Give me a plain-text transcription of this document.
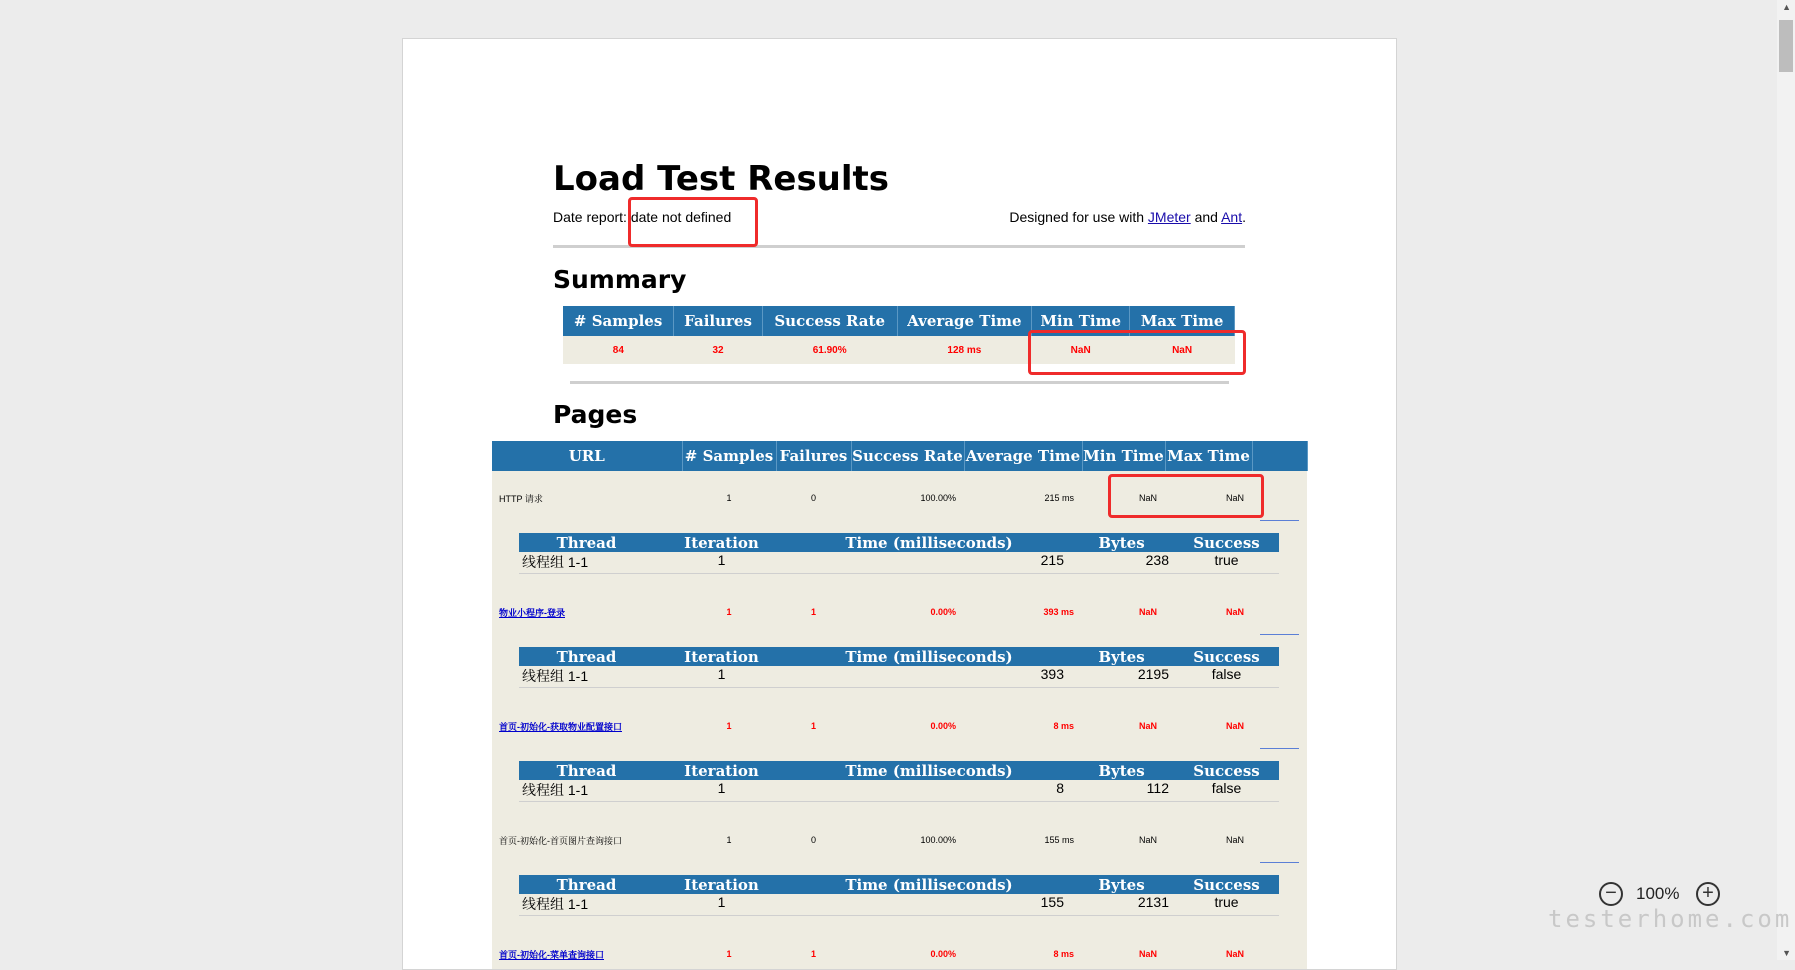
Load Test Results
Date report: date not defined	Designed for use with JMeter and Ant.
Summary
# Samples	Failures	Success Rate	Average Time	Min Time	Max Time
84	32	61.90%	128 ms	NaN	NaN
Pages
URL	# Samples	Failures	Success Rate	Average Time	Min Time	Max Time	
HTTP 请求	1	0	100.00%	215 ms	NaN	NaN	

Thread	Iteration	Time (milliseconds)	Bytes	Success
线程组 1-1	1	215	238	true

物业小程序-登录	1	1	0.00%	393 ms	NaN	NaN	

Thread	Iteration	Time (milliseconds)	Bytes	Success
线程组 1-1	1	393	2195	false

首页-初始化-获取物业配置接口	1	1	0.00%	8 ms	NaN	NaN	

Thread	Iteration	Time (milliseconds)	Bytes	Success
线程组 1-1	1	8	112	false

首页-初始化-首页图片查询接口	1	0	100.00%	155 ms	NaN	NaN	

Thread	Iteration	Time (milliseconds)	Bytes	Success
线程组 1-1	1	155	2131	true

首页-初始化-菜单查询接口	1	1	0.00%	8 ms	NaN	NaN	
▲
▼
−	100%	+
testerhome.com
